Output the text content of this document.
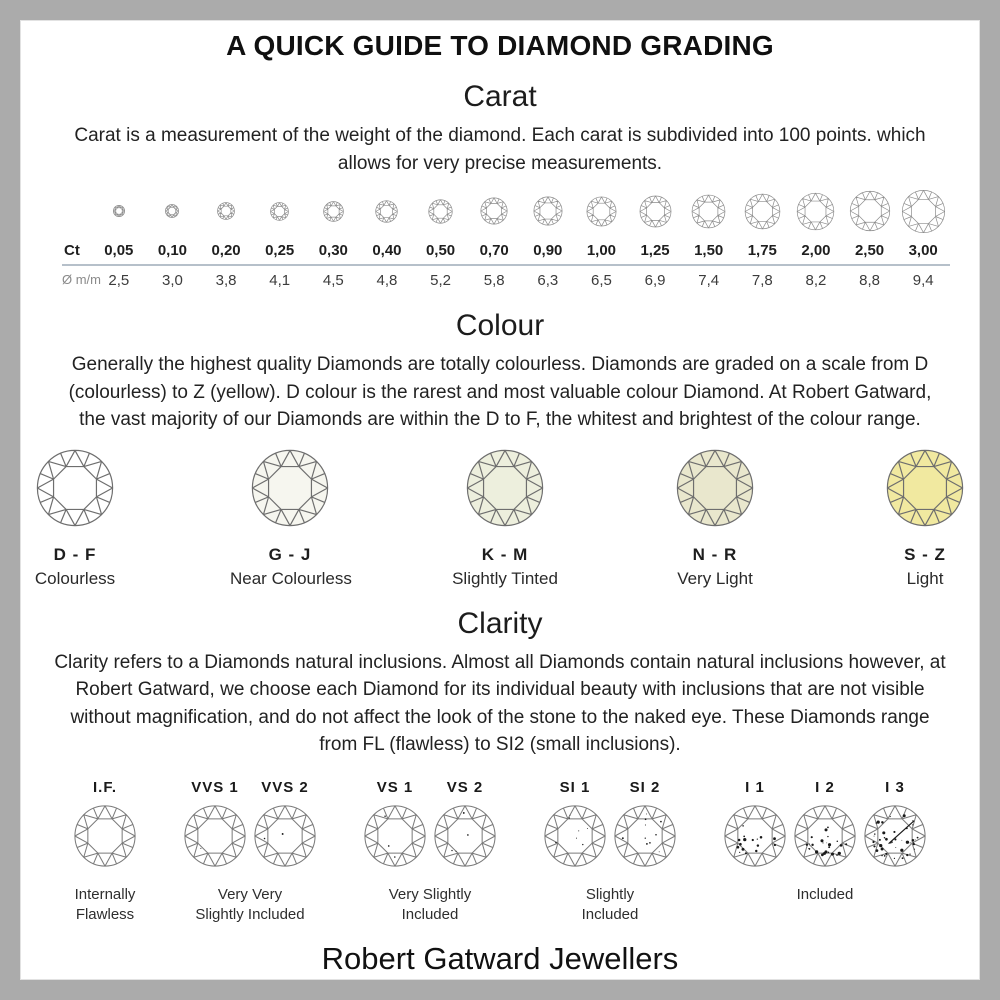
A QUICK GUIDE TO DIAMOND GRADING
Carat

Carat is a measurement of the weight of the diamond. Each carat is subdivided into 100 points. which allows for very precise measurements.

Ct	0,05	0,10	0,20	0,25	0,30	0,40	0,50	0,70	0,90	1,00	1,25	1,50	1,75	2,00	2,50	3,00
Ø m/m 2,5	3,0	3,8	4,1	4,5	4,8	5,2	5,8	6,3	6,5	6,9	7,4	7,8	8,2	8,8	9,4
Colour

Generally the highest quality Diamonds are totally colourless. Diamonds are graded on a scale from D (colourless) to Z (yellow). D colour is the rarest and most valuable colour Diamond. At Robert Gatward, the vast majority of our Diamonds are within the D to F, the whitest and brightest of the colour range.

D - F
Colourless
G - J
Near Colourless
K - M
Slightly Tinted
N - R
Very Light
S - Z
Light
Clarity

Clarity refers to a Diamonds natural inclusions. Almost all Diamonds contain natural inclusions however, at Robert Gatward, we choose each Diamond for its individual beauty with inclusions that are not visible without magnification, and do not affect the look of the stone to the naked eye. These Diamonds range from FL (flawless) to SI2 (small inclusions).

I.F.
Internally
Flawless
VVS 1 VVS 2
Very Very
Slightly Included
VS 1 VS 2
Very Slightly
Included
SI 1	SI 2
Slightly
Included
I 1	I 2	I 3
Included
Robert Gatward Jewellers
